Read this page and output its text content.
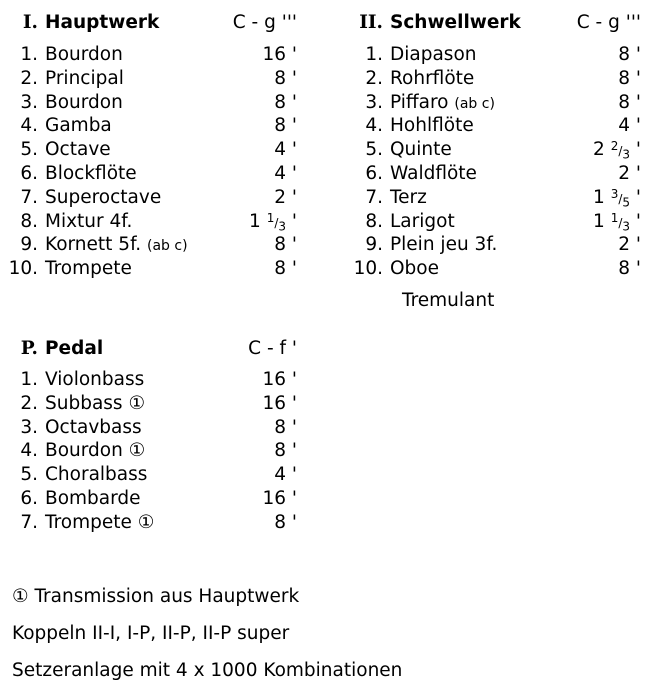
I. Hauptwerk	C - g '''
1. Bourdon	16 '
2. Principal	8 '
3. Bourdon	8 '
4. Gamba	8 '
5. Octave	4 '
6. Blockflöte	4 '
7. Superoctave	2 '
8. Mixtur 4f.	1 $^1/_3$ '
9. Kornett 5f. (ab c)	8 '
10. Trompete	8 '
II. Schwellwerk	C - g '''
1. Diapason	8 '
2. Rohrflöte	8 '
3. Piffaro (ab c)	8 '
4. Hohlflöte	4 '
5. Quinte	2 $^2/_3$ '
6. Waldflöte	2 '
7. Terz	1 $^3/_5$ '
8. Larigot	1 $^1/_3$ '
9. Plein jeu 3f.	2 '
10. Oboe	8 '
Tremulant
P. Pedal	C - f '
1. Violonbass	16 '
2. Subbass ①	16 '
3. Octavbass	8 '
4. Bourdon ①	8 '
5. Choralbass	4 '
6. Bombarde	16 '
7. Trompete ①	8 '
① Transmission aus Hauptwerk
Koppeln II-I, I-P, II-P, II-P super
Setzeranlage mit 4 x 1000 Kombinationen
